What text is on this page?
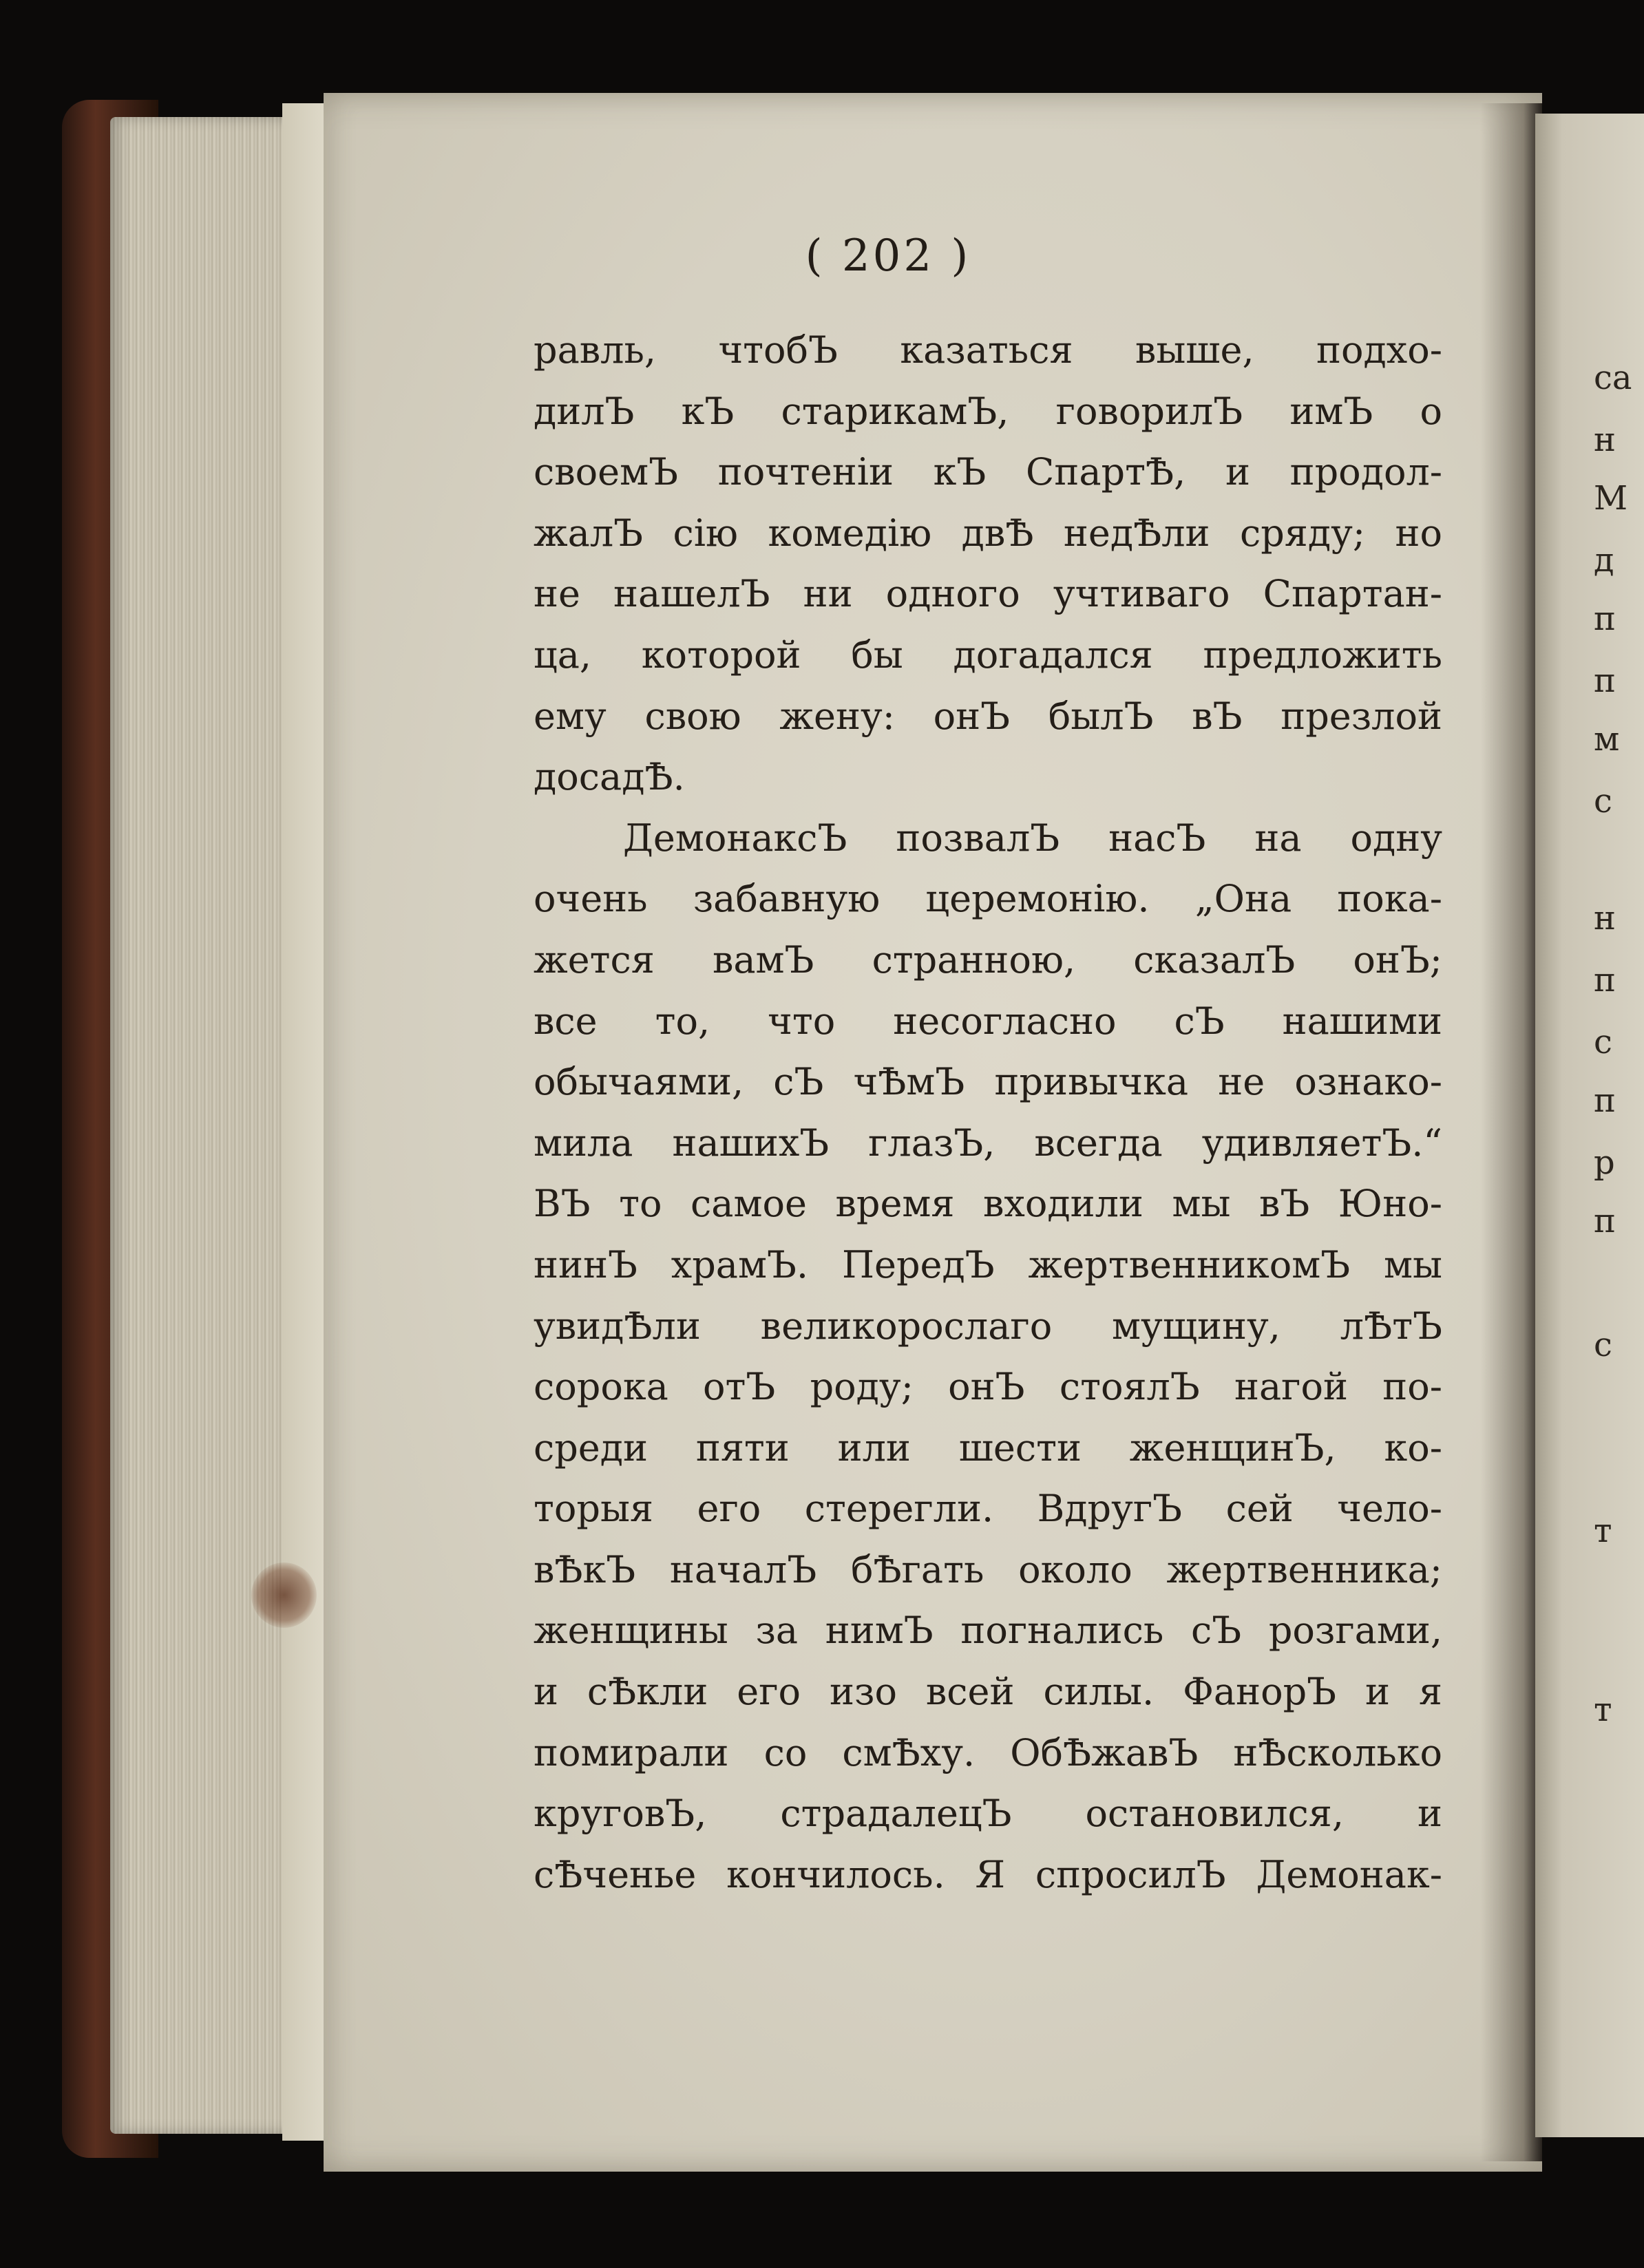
( 202 )
равль, чтобЪ казаться выше, подхо-
дилЪ кЪ старикамЪ, говорилЪ имЪ о
своемЪ почтеніи кЪ СпартѢ, и продол-
жалЪ сію комедію двѢ недѢли сряду; но
не нашелЪ ни одного учтиваго Спартан-
ца, которой бы догадался предложить
ему свою жену: онЪ былЪ вЪ презлой
досадѢ.
ДемонаксЪ позвалЪ насЪ на одну
очень забавную церемонію. „Она пока-
жется вамЪ странною, сказалЪ онЪ;
все то, что несогласно сЪ нашими
обычаями, сЪ чѢмЪ привычка не ознако-
мила нашихЪ глазЪ, всегда удивляетЪ.“
ВЪ то самое время входили мы вЪ Юно-
нинЪ храмЪ. ПередЪ жертвенникомЪ мы
увидѢли великорослаго мущину, лѢтЪ
сорока отЪ роду; онЪ стоялЪ нагой по-
среди пяти или шести женщинЪ, ко-
торыя его стерегли. ВдругЪ сей чело-
вѢкЪ началЪ бѢгать около жертвенника;
женщины за нимЪ погнались сЪ розгами,
и сѢкли его изо всей силы. ФанорЪ и я
помирали со смѢху. ОбѢжавЪ нѢсколько
круговЪ, страдалецЪ остановился, и
сѢченье кончилось. Я спросилЪ Демонак-
са
н
М
д
п
п
м
с
н
п
с
п
р
п
с
т
т
